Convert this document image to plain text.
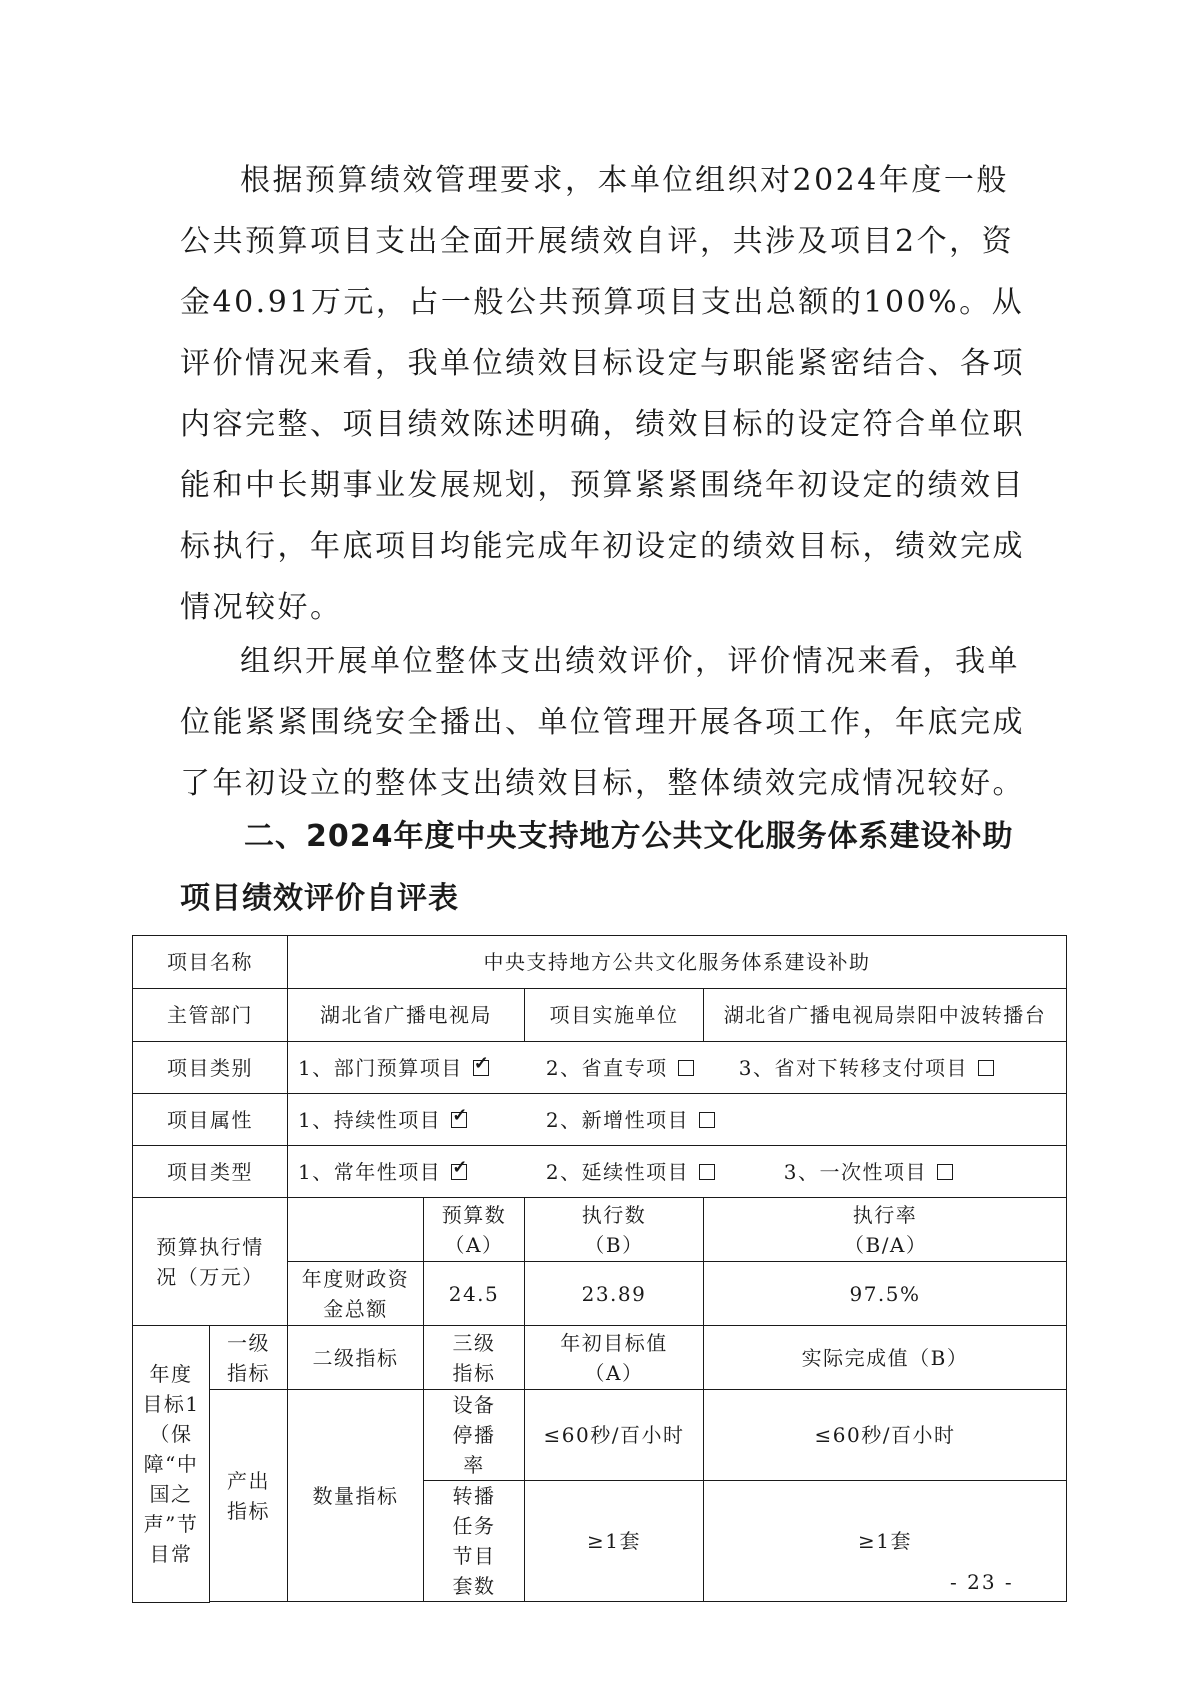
根据预算绩效管理要求，本单位组织对2024年度一般
公共预算项目支出全面开展绩效自评，共涉及项目2个，资
金40.91万元，占一般公共预算项目支出总额的100%。从
评价情况来看，我单位绩效目标设定与职能紧密结合、各项
内容完整、项目绩效陈述明确，绩效目标的设定符合单位职
能和中长期事业发展规划，预算紧紧围绕年初设定的绩效目
标执行，年底项目均能完成年初设定的绩效目标，绩效完成
情况较好。
组织开展单位整体支出绩效评价，评价情况来看，我单
位能紧紧围绕安全播出、单位管理开展各项工作，年底完成
了年初设立的整体支出绩效目标，整体绩效完成情况较好。
二、2024年度中央支持地方公共文化服务体系建设补助
项目绩效评价自评表
项目名称		中央支持地方公共文化服务体系建设补助			
主管部门		湖北省广播电视局		项目实施单位	湖北省广播电视局崇阳中波转播台
项目类别		1、部门预算项目 ✓ 2、省直专项 3、省对下转移支付项目
项目属性		1、持续性项目 ✓ 2、新增性项目
项目类型		1、常年性项目 ✓ 2、延续性项目 3、一次性项目
预算执行情况（万元）			预算数（A）	执行数（B）	执行率（B/A）
		年度财政资金总额	24.5	23.89	97.5%
年度目标1（保障“中国之声”节目常	一级指标	二级指标	三级指标	年初目标值（A）	实际完成值（B）
	产出指标	数量指标	设备停播率	≤60秒/百小时	≤60秒/百小时
			转播任务节目套数	≥1套	≥1套

- 23 -
